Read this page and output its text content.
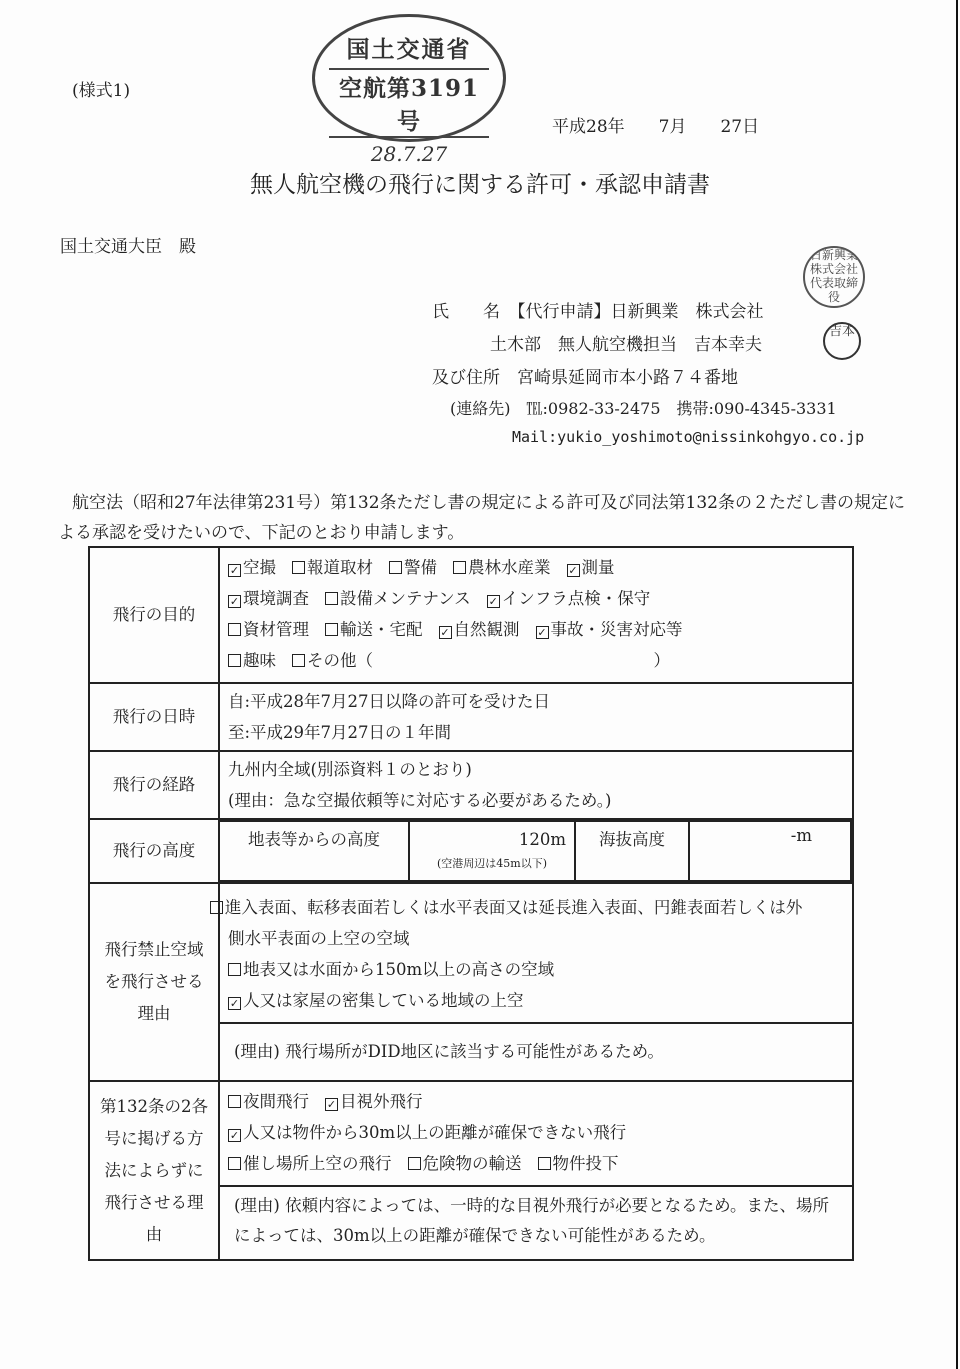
(様式1)
国土交通省
空航第3191号
28.7.27
平成28年　　7月　　27日
無人航空機の飛行に関する許可・承認申請書
国土交通大臣　殿
氏　　名　 【代行申請】日新興業　株式会社
土木部　無人航空機担当　吉本幸夫
及び住所　 宮崎県延岡市本小路７４番地
日新興業株式会社代表取締役
吉本
(連絡先)　 ℡:0982-33-2475　携帯:090-4345-3331
Mail:yukio_yoshimoto@nissinkohgyo.co.jp
航空法（昭和27年法律第231号）第132条ただし書の規定による許可及び同法第132条の２ただし書の規定による承認を受けたいので、下記のとおり申請します。
飛行の目的	
✓ 空撮 報道取材 警備 農林水産業 ✓ 測量
✓ 環境調査 設備メンテナンス ✓ インフラ点検・保守
資材管理 輸送・宅配 ✓ 自然観測 ✓ 事故・災害対応等
趣味 その他（　　　　　　　　　　　　　　　　　）

飛行の日時	
自:平成28年7月27日以降の許可を受けた日
至:平成29年7月27日の１年間

飛行の経路	
九州内全域(別添資料１のとおり)
(理由：急な空撮依頼等に対応する必要があるため。)

飛行の高度	
地表等からの高度	120m
(空港周辺は45m以下)
	海抜高度	-m

飛行禁止空域を飛行させる理由	
進入表面、転移表面若しくは水平表面又は延長進入表面、円錐表面若しくは外側水平表面の上空の空域
地表又は水面から150m以上の高さの空域
✓ 人又は家屋の密集している地域の上空
(理由) 飛行場所がDID地区に該当する可能性があるため。

第132条の2各号に掲げる方法によらずに飛行させる理由	
夜間飛行 ✓ 目視外飛行
✓ 人又は物件から30m以上の距離が確保できない飛行
催し場所上空の飛行 危険物の輸送 物件投下
(理由) 依頼内容によっては、一時的な目視外飛行が必要となるため。また、場所によっては、30m以上の距離が確保できない可能性があるため。
